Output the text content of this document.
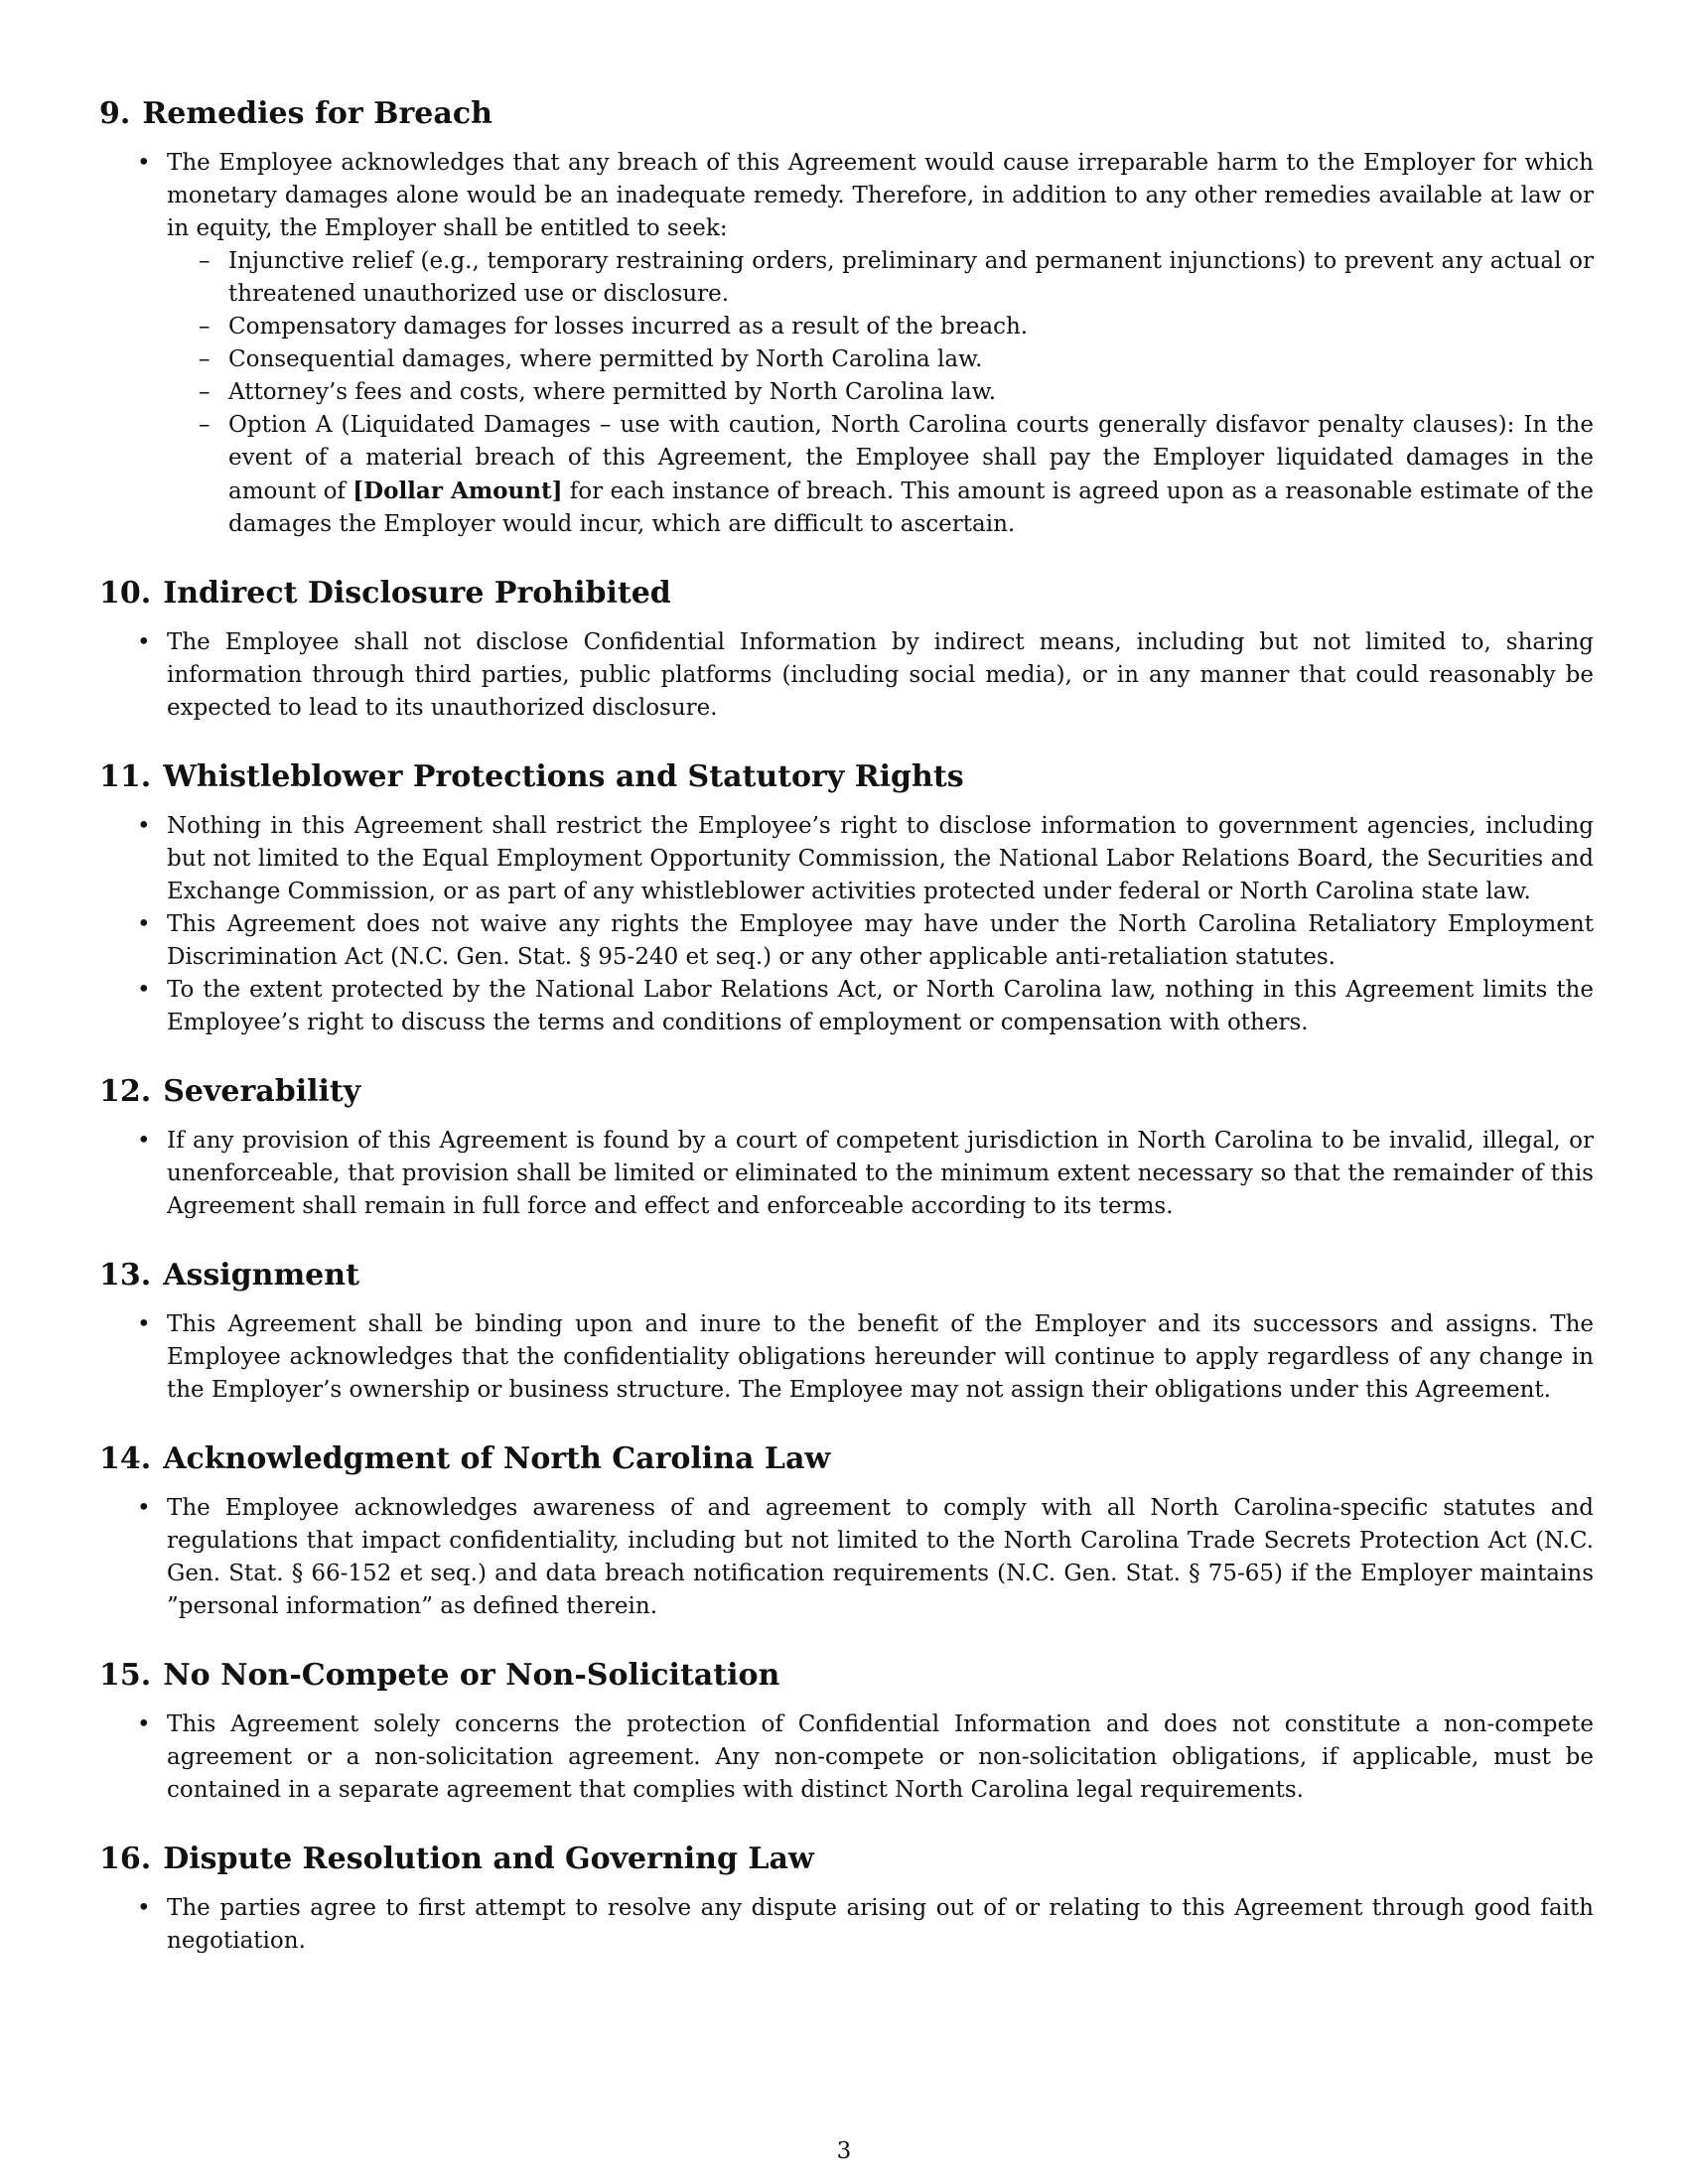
9. Remedies for Breach
• The Employee acknowledges that any breach of this Agreement would cause irreparable harm to the Employer for which monetary damages alone would be an inadequate remedy. Therefore, in addition to any other remedies available at law or in equity, the Employer shall be entitled to seek:
– Injunctive relief (e.g., temporary restraining orders, preliminary and permanent injunctions) to prevent any actual or threatened unauthorized use or disclosure.
– Compensatory damages for losses incurred as a result of the breach.
– Consequential damages, where permitted by North Carolina law.
– Attorney’s fees and costs, where permitted by North Carolina law.
– Option A (Liquidated Damages – use with caution, North Carolina courts generally disfavor penalty clauses): In the event of a material breach of this Agreement, the Employee shall pay the Employer liquidated damages in the amount of [Dollar Amount] for each instance of breach. This amount is agreed upon as a reasonable estimate of the damages the Employer would incur, which are difficult to ascertain.
10. Indirect Disclosure Prohibited
• The Employee shall not disclose Confidential Information by indirect means, including but not limited to, sharing information through third parties, public platforms (including social media), or in any manner that could reasonably be expected to lead to its unauthorized disclosure.
11. Whistleblower Protections and Statutory Rights
• Nothing in this Agreement shall restrict the Employee’s right to disclose information to government agencies, including but not limited to the Equal Employment Opportunity Commission, the National Labor Relations Board, the Securities and Exchange Commission, or as part of any whistleblower activities protected under federal or North Carolina state law.
• This Agreement does not waive any rights the Employee may have under the North Carolina Retaliatory Employment Discrimination Act (N.C. Gen. Stat. § 95-240 et seq.) or any other applicable anti-retaliation statutes.
• To the extent protected by the National Labor Relations Act, or North Carolina law, nothing in this Agreement limits the Employee’s right to discuss the terms and conditions of employment or compensation with others.
12. Severability
• If any provision of this Agreement is found by a court of competent jurisdiction in North Carolina to be invalid, illegal, or unenforceable, that provision shall be limited or eliminated to the minimum extent necessary so that the remainder of this Agreement shall remain in full force and effect and enforceable according to its terms.
13. Assignment
• This Agreement shall be binding upon and inure to the benefit of the Employer and its successors and assigns. The Employee acknowledges that the confidentiality obligations hereunder will continue to apply regardless of any change in the Employer’s ownership or business structure. The Employee may not assign their obligations under this Agreement.
14. Acknowledgment of North Carolina Law
• The Employee acknowledges awareness of and agreement to comply with all North Carolina-specific statutes and regulations that impact confidentiality, including but not limited to the North Carolina Trade Secrets Protection Act (N.C. Gen. Stat. § 66-152 et seq.) and data breach notification requirements (N.C. Gen. Stat. § 75-65) if the Employer maintains ”personal information” as defined therein.
15. No Non-Compete or Non-Solicitation
• This Agreement solely concerns the protection of Confidential Information and does not constitute a non-compete agreement or a non-solicitation agreement. Any non-compete or non-solicitation obligations, if applicable, must be contained in a separate agreement that complies with distinct North Carolina legal requirements.
16. Dispute Resolution and Governing Law
• The parties agree to first attempt to resolve any dispute arising out of or relating to this Agreement through good faith negotiation.
3
